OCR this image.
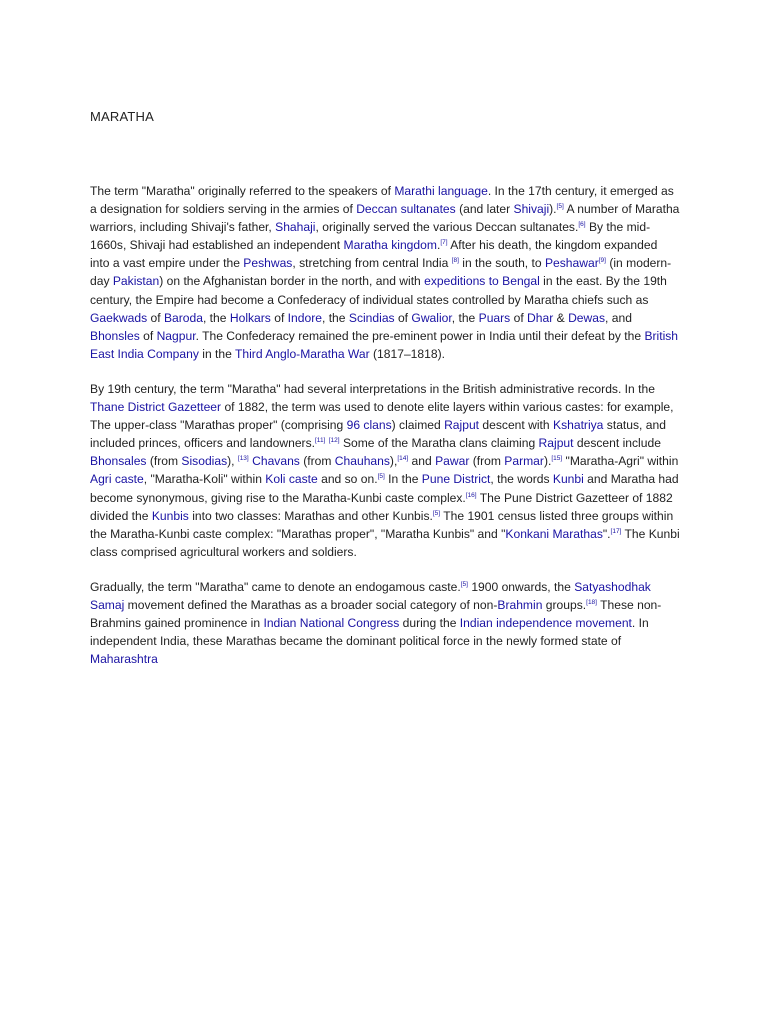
MARATHA

The term "Maratha" originally referred to the speakers of Marathi language. In the 17th century, it emerged as a designation for soldiers serving in the armies of Deccan sultanates (and later Shivaji).[5] A number of Maratha warriors, including Shivaji's father, Shahaji, originally served the various Deccan sultanates.[6] By the mid-1660s, Shivaji had established an independent Maratha kingdom.[7] After his death, the kingdom expanded into a vast empire under the Peshwas, stretching from central India [8] in the south, to Peshawar[9] (in modern-day Pakistan) on the Afghanistan border in the north, and with expeditions to Bengal in the east. By the 19th century, the Empire had become a Confederacy of individual states controlled by Maratha chiefs such as Gaekwads of Baroda, the Holkars of Indore, the Scindias of Gwalior, the Puars of Dhar & Dewas, and Bhonsles of Nagpur. The Confederacy remained the pre-eminent power in India until their defeat by the British East India Company in the Third Anglo-Maratha War (1817–1818).

By 19th century, the term "Maratha" had several interpretations in the British administrative records. In the Thane District Gazetteer of 1882, the term was used to denote elite layers within various castes: for example, The upper-class "Marathas proper" (comprising 96 clans) claimed Rajput descent with Kshatriya status, and included princes, officers and landowners.[11] [12] Some of the Maratha clans claiming Rajput descent include Bhonsales (from Sisodias), [13] Chavans (from Chauhans),[14] and Pawar (from Parmar).[15] "Maratha-Agri" within Agri caste, "Maratha-Koli" within Koli caste and so on.[5] In the Pune District, the words Kunbi and Maratha had become synonymous, giving rise to the Maratha-Kunbi caste complex.[16] The Pune District Gazetteer of 1882 divided the Kunbis into two classes: Marathas and other Kunbis.[5] The 1901 census listed three groups within the Maratha-Kunbi caste complex: "Marathas proper", "Maratha Kunbis" and "Konkani Marathas".[17] The Kunbi class comprised agricultural workers and soldiers.

Gradually, the term "Maratha" came to denote an endogamous caste.[5] 1900 onwards, the Satyashodhak Samaj movement defined the Marathas as a broader social category of non-Brahmin groups.[18] These non-Brahmins gained prominence in Indian National Congress during the Indian independence movement. In independent India, these Marathas became the dominant political force in the newly formed state of Maharashtra
